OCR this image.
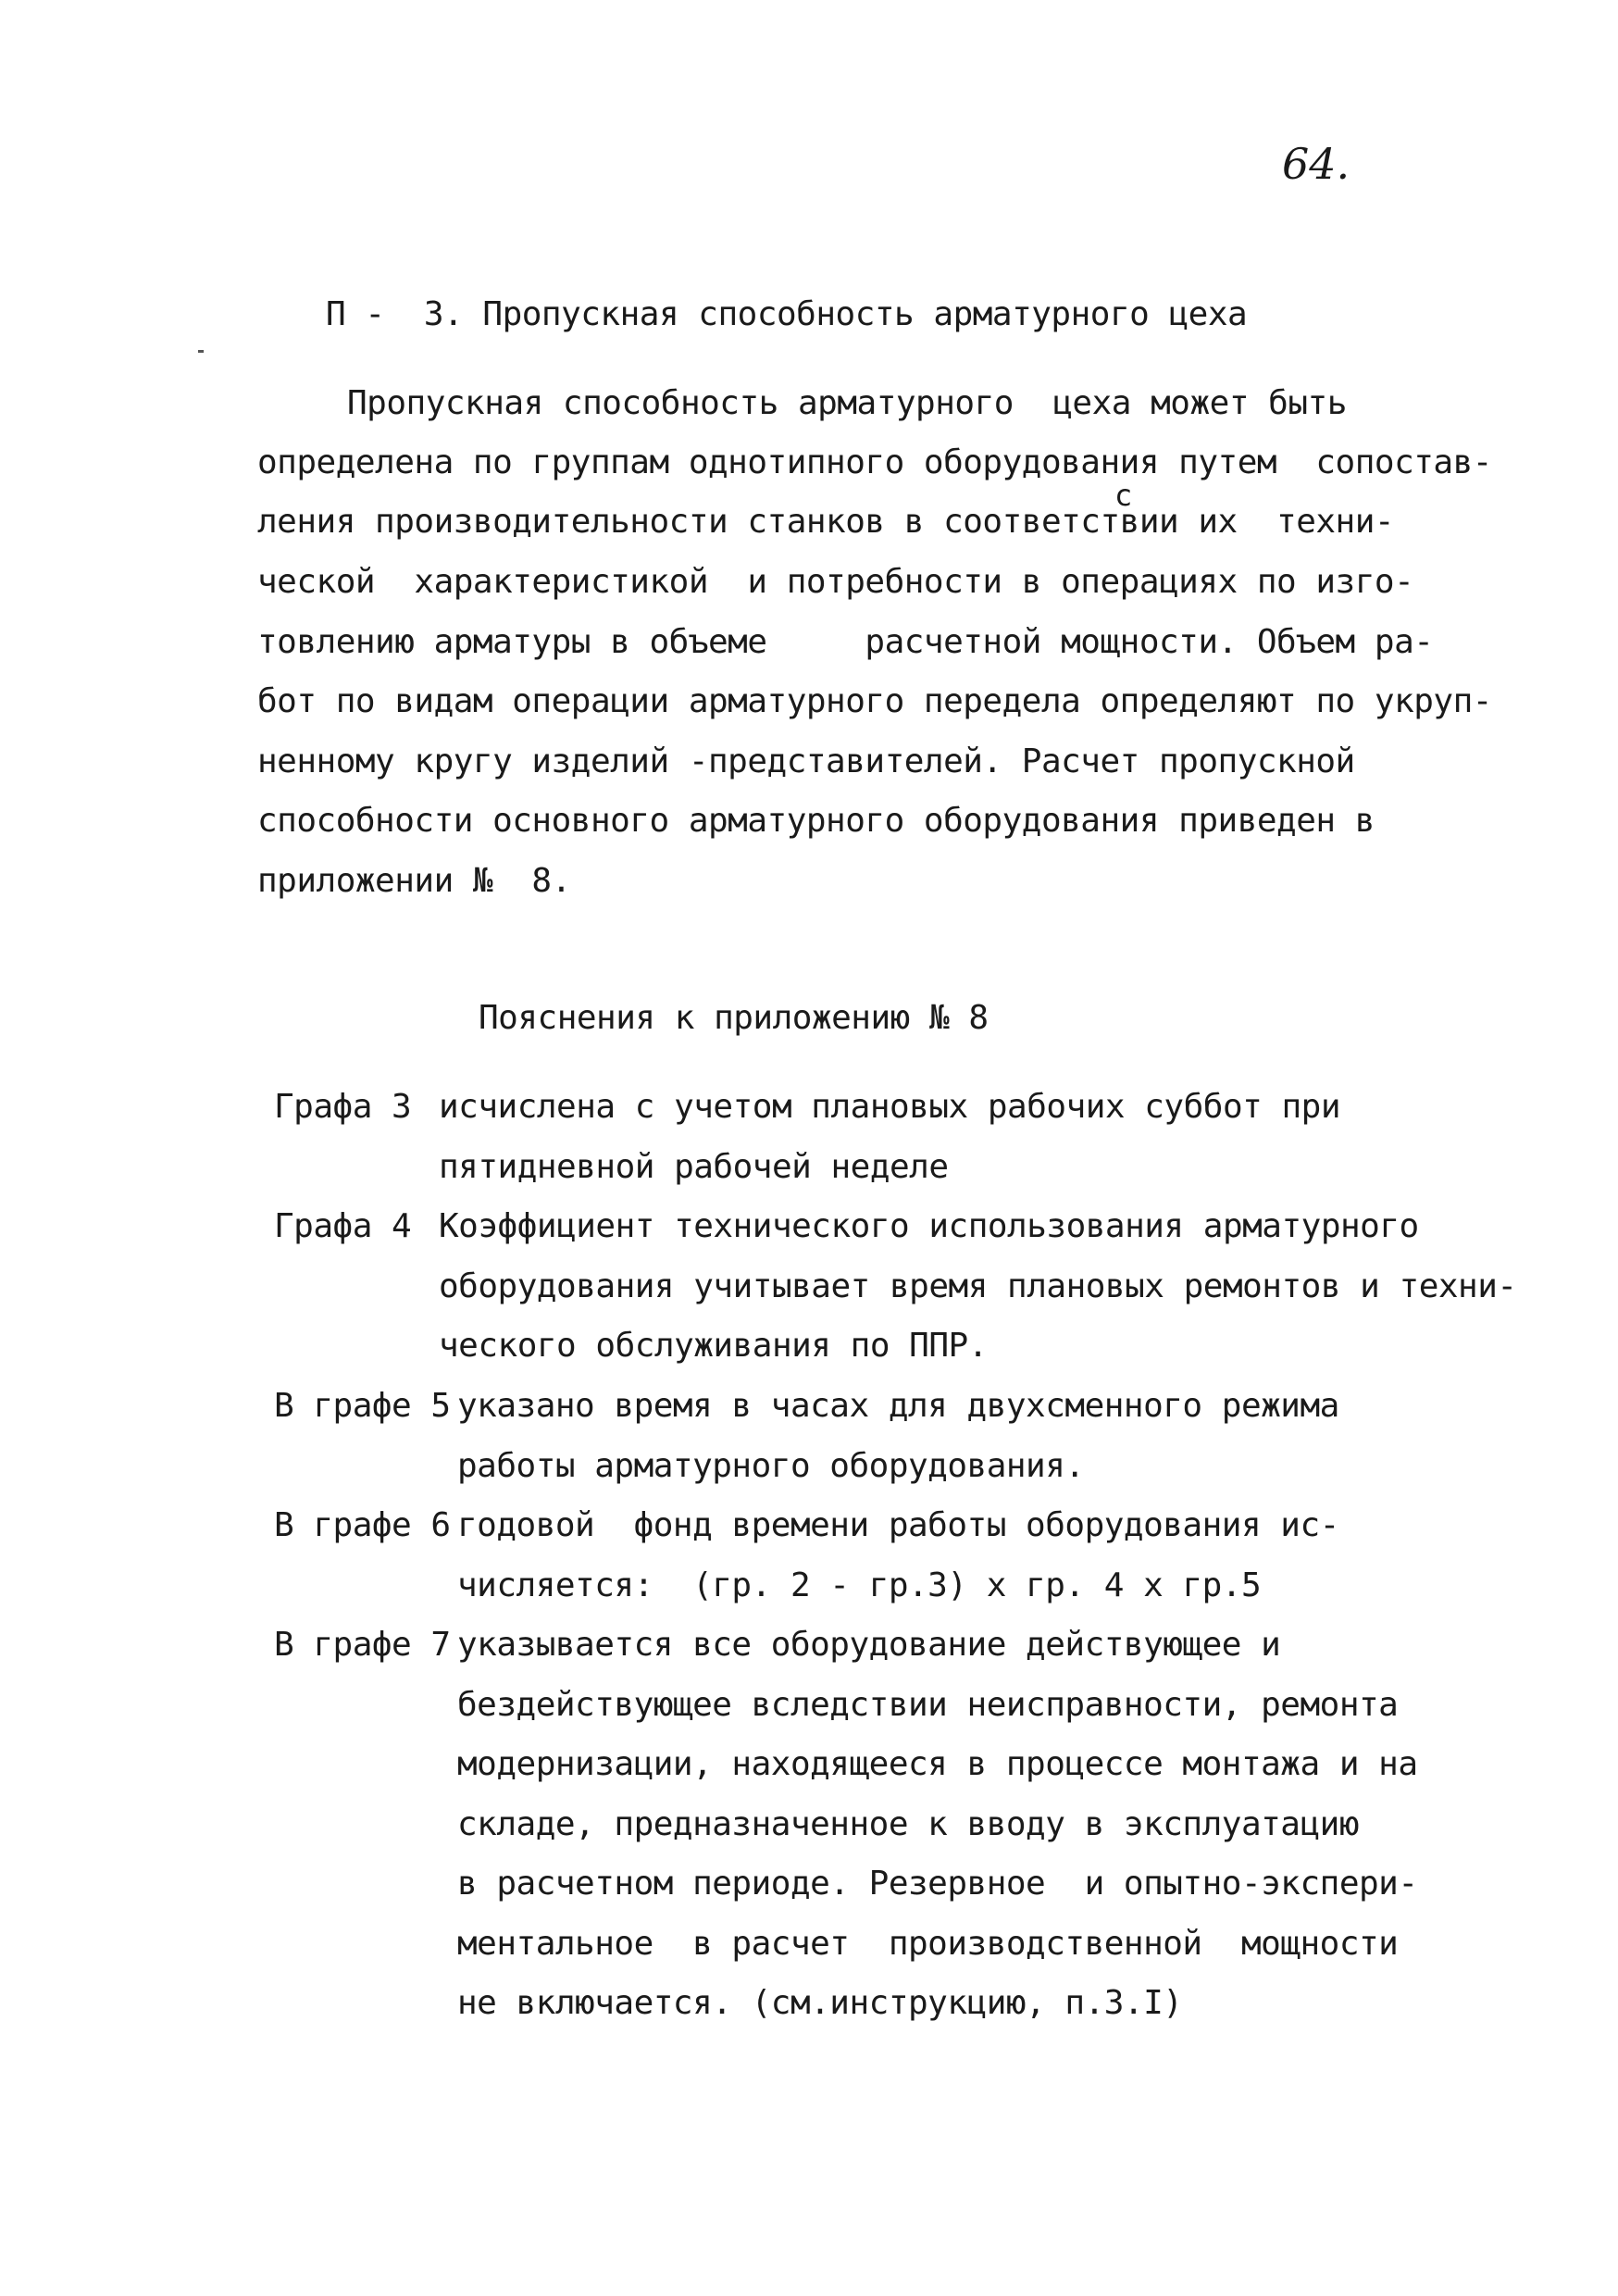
64.
П -  3. Пропускная способность арматурного цеха
Пропускная способность арматурного  цеха может быть
определена по группам однотипного оборудования путем  сопостав-
с
ления производительности станков в соответствии их  техни-
ческой  характеристикой  и потребности в операциях по изго-
товлению арматуры в объеме     расчетной мощности. Объем ра-
бот по видам операции арматурного передела определяют по укруп-
ненному кругу изделий -представителей. Расчет пропускной
способности основного арматурного оборудования приведен в
приложении №  8.
Пояснения к приложению № 8
Графа 3 исчислена с учетом плановых рабочих суббот при
пятидневной рабочей неделе
Графа 4 Коэффициент технического использования арматурного
оборудования учитывает время плановых ремонтов и техни-
ческого обслуживания по ППР.
В графе 5 указано время в часах для двухсменного режима
работы арматурного оборудования.
В графе 6 годовой  фонд времени работы оборудования ис-
числяется:  (гр. 2 - гр.3) х гр. 4 х гр.5
В графе 7 указывается все оборудование действующее и
бездействующее вследствии неисправности, ремонта
модернизации, находящееся в процессе монтажа и на
складе, предназначенное к вводу в эксплуатацию
в расчетном периоде. Резервное  и опытно-экспери-
ментальное  в расчет  производственной  мощности
не включается. (см.инструкцию, п.3.I)
